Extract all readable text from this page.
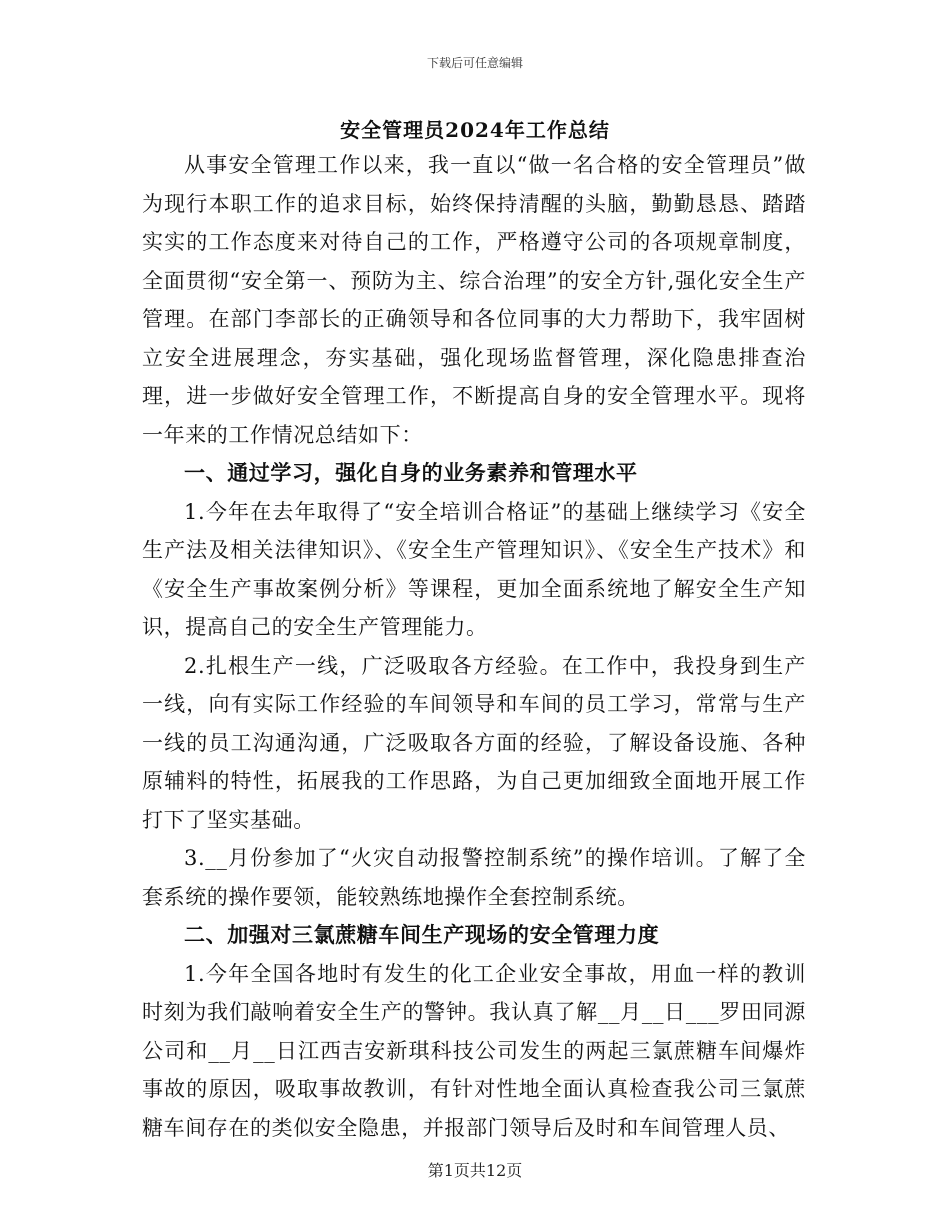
下载后可任意编辑
安全管理员2024年工作总结

从事安全管理工作以来，我一直以“做一名合格的安全管理员”做为现行本职工作的追求目标，始终保持清醒的头脑，勤勤恳恳、踏踏实实的工作态度来对待自己的工作，严格遵守公司的各项规章制度，全面贯彻“安全第一、预防为主、综合治理”的安全方针,强化安全生产管理。在部门李部长的正确领导和各位同事的大力帮助下，我牢固树立安全进展理念，夯实基础，强化现场监督管理，深化隐患排查治理，进一步做好安全管理工作，不断提高自身的安全管理水平。现将一年来的工作情况总结如下：

一、通过学习，强化自身的业务素养和管理水平

1.今年在去年取得了“安全培训合格证”的基础上继续学习《安全生产法及相关法律知识》、《安全生产管理知识》、《安全生产技术》和《安全生产事故案例分析》等课程，更加全面系统地了解安全生产知识，提高自己的安全生产管理能力。

2.扎根生产一线，广泛吸取各方经验。在工作中，我投身到生产一线，向有实际工作经验的车间领导和车间的员工学习，常常与生产一线的员工沟通沟通，广泛吸取各方面的经验，了解设备设施、各种原辅料的特性，拓展我的工作思路，为自己更加细致全面地开展工作打下了坚实基础。

3.__月份参加了“火灾自动报警控制系统”的操作培训。了解了全套系统的操作要领，能较熟练地操作全套控制系统。

二、加强对三氯蔗糖车间生产现场的安全管理力度

1.今年全国各地时有发生的化工企业安全事故，用血一样的教训时刻为我们敲响着安全生产的警钟。我认真了解__月__日___罗田同源公司和__月__日江西吉安新琪科技公司发生的两起三氯蔗糖车间爆炸事故的原因，吸取事故教训，有针对性地全面认真检查我公司三氯蔗糖车间存在的类似安全隐患，并报部门领导后及时和车间管理人员、

第1页共12页
